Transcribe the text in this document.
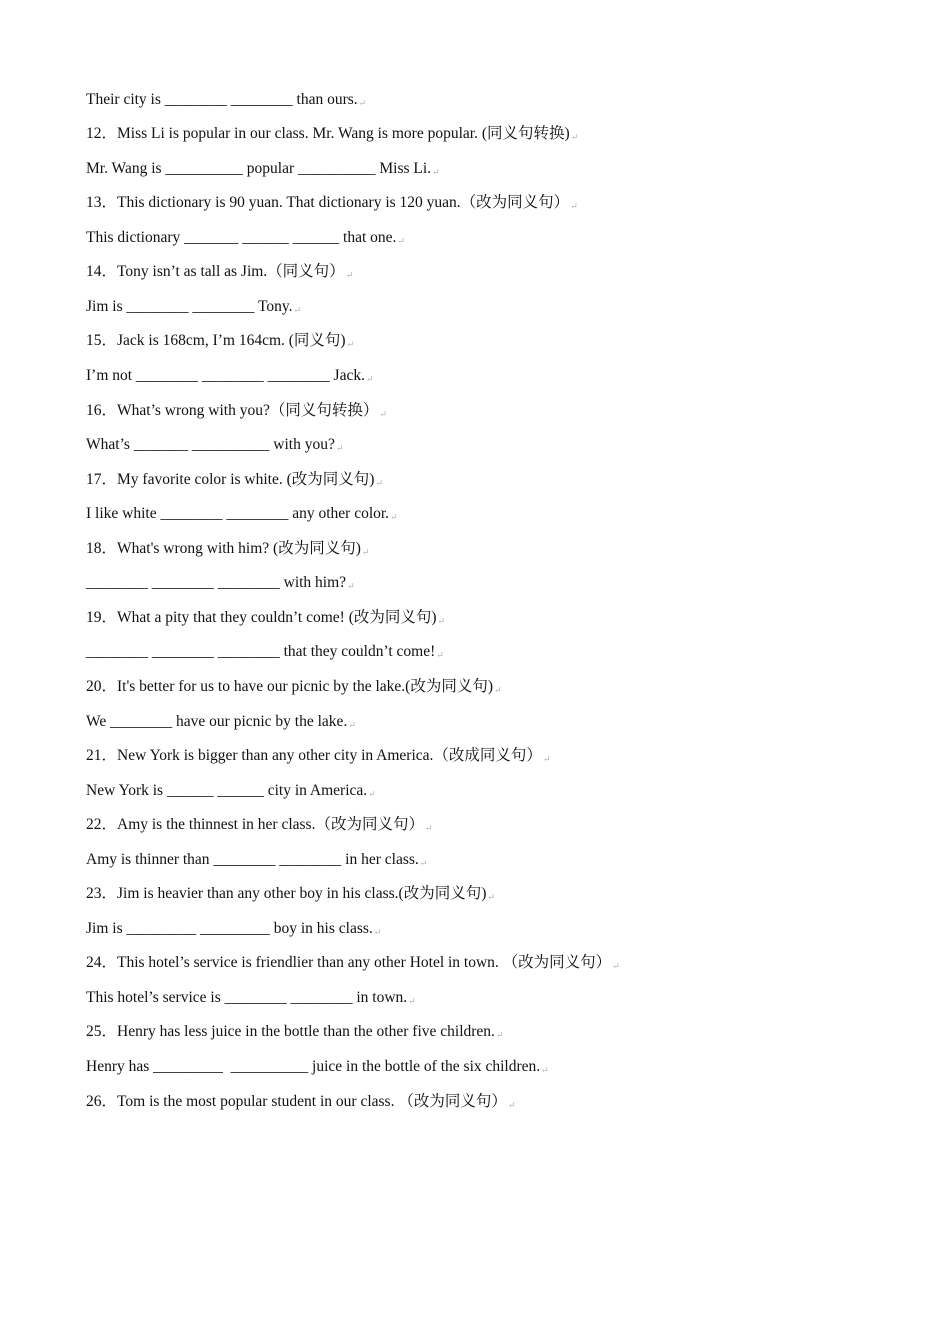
Their city is ________ ________ than ours.↵
12．Miss Li is popular in our class. Mr. Wang is more popular. (同义句转换)↵
Mr. Wang is __________ popular __________ Miss Li.↵
13．This dictionary is 90 yuan. That dictionary is 120 yuan.（改为同义句）↵
This dictionary _______ ______ ______ that one.↵
14．Tony isn’t as tall as Jim.（同义句）↵
Jim is ________ ________ Tony.↵
15．Jack is 168cm, I’m 164cm. (同义句)↵
I’m not ________ ________ ________ Jack.↵
16．What’s wrong with you?（同义句转换）↵
What’s _______ __________ with you?↵
17．My favorite color is white. (改为同义句)↵
I like white ________ ________ any other color.↵
18．What's wrong with him? (改为同义句)↵
________ ________ ________ with him?↵
19．What a pity that they couldn’t come! (改为同义句)↵
________ ________ ________ that they couldn’t come!↵
20．It's better for us to have our picnic by the lake.(改为同义句)↵
We ________ have our picnic by the lake.↵
21．New York is bigger than any other city in America.（改成同义句）↵
New York is ______ ______ city in America.↵
22．Amy is the thinnest in her class.（改为同义句）↵
Amy is thinner than ________ ________ in her class.↵
23．Jim is heavier than any other boy in his class.(改为同义句)↵
Jim is _________ _________ boy in his class.↵
24．This hotel’s service is friendlier than any other Hotel in town. （改为同义句）↵
This hotel’s service is ________ ________ in town.↵
25．Henry has less juice in the bottle than the other five children.↵
Henry has _________  __________ juice in the bottle of the six children.↵
26．Tom is the most popular student in our class. （改为同义句）↵
